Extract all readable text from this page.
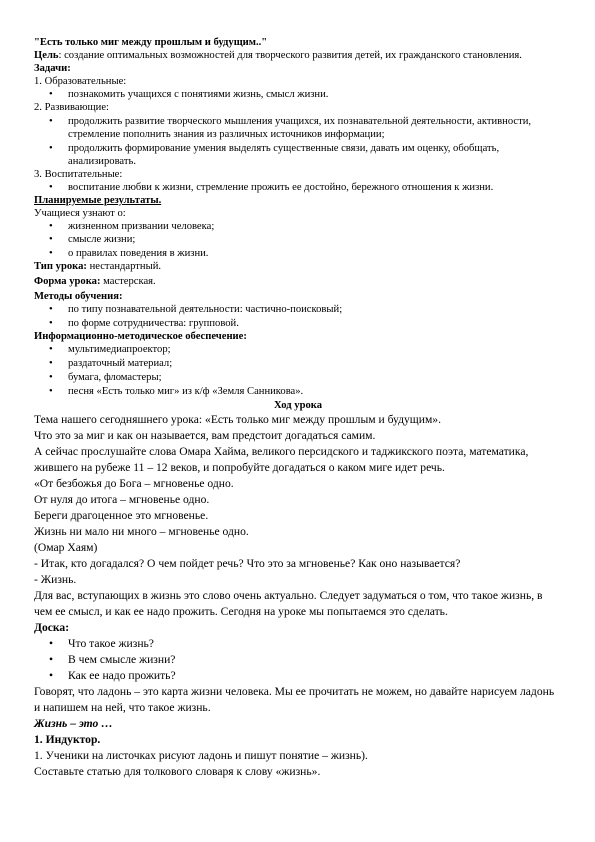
"Есть только миг между прошлым и будущим.."
Цель: создание оптимальных возможностей для творческого развития детей, их гражданского становления.
Задачи:
1. Образовательные:
• познакомить учащихся с понятиями жизнь, смысл жизни.
2. Развивающие:
• продолжить развитие творческого мышления учащихся, их познавательной деятельности, активности, стремление пополнить знания из различных источников информации;
• продолжить формирование умения выделять существенные связи, давать им оценку, обобщать, анализировать.
3. Воспитательные:
• воспитание любви к жизни, стремление прожить ее достойно, бережного отношения к жизни.
Планируемые результаты.
Учащиеся узнают о:
• жизненном призвании человека;
• смысле жизни;
• о правилах поведения в жизни.
Тип урока: нестандартный.
Форма урока: мастерская.
Методы обучения:
• по типу познавательной деятельности: частично-поисковый;
• по форме сотрудничества: групповой.
Информационно-методическое обеспечение:
• мультимедиапроектор;
• раздаточный материал;
• бумага, фломастеры;
• песня «Есть только миг» из к/ф «Земля Санникова».
Ход урока
Тема нашего сегодняшнего урока: «Есть только миг между прошлым и будущим».
Что это за миг и как он называется, вам предстоит догадаться самим.
А сейчас прослушайте слова Омара Хайма, великого персидского и таджикского поэта, математика, жившего на рубеже 11 – 12 веков, и попробуйте догадаться о каком миге идет речь.
«От безбожья до Бога – мгновенье одно.
От нуля до итога – мгновенье одно.
Береги драгоценное это мгновенье.
Жизнь ни мало ни много – мгновенье одно.
(Омар Хаям)
- Итак, кто догадался? О чем пойдет речь? Что это за мгновенье? Как оно называется?
- Жизнь.
Для вас, вступающих в жизнь это слово очень актуально. Следует задуматься о том, что такое жизнь, в чем ее смысл, и как ее надо прожить. Сегодня на уроке мы попытаемся это сделать.
Доска:
• Что такое жизнь?
• В чем смысле жизни?
• Как ее надо прожить?
Говорят, что ладонь – это карта жизни человека. Мы ее прочитать не можем, но давайте нарисуем ладонь и напишем на ней, что такое жизнь.
Жизнь – это …
1. Индуктор.
1. Ученики на листочках рисуют ладонь и пишут понятие – жизнь).
Составьте статью для толкового словаря к слову «жизнь».
